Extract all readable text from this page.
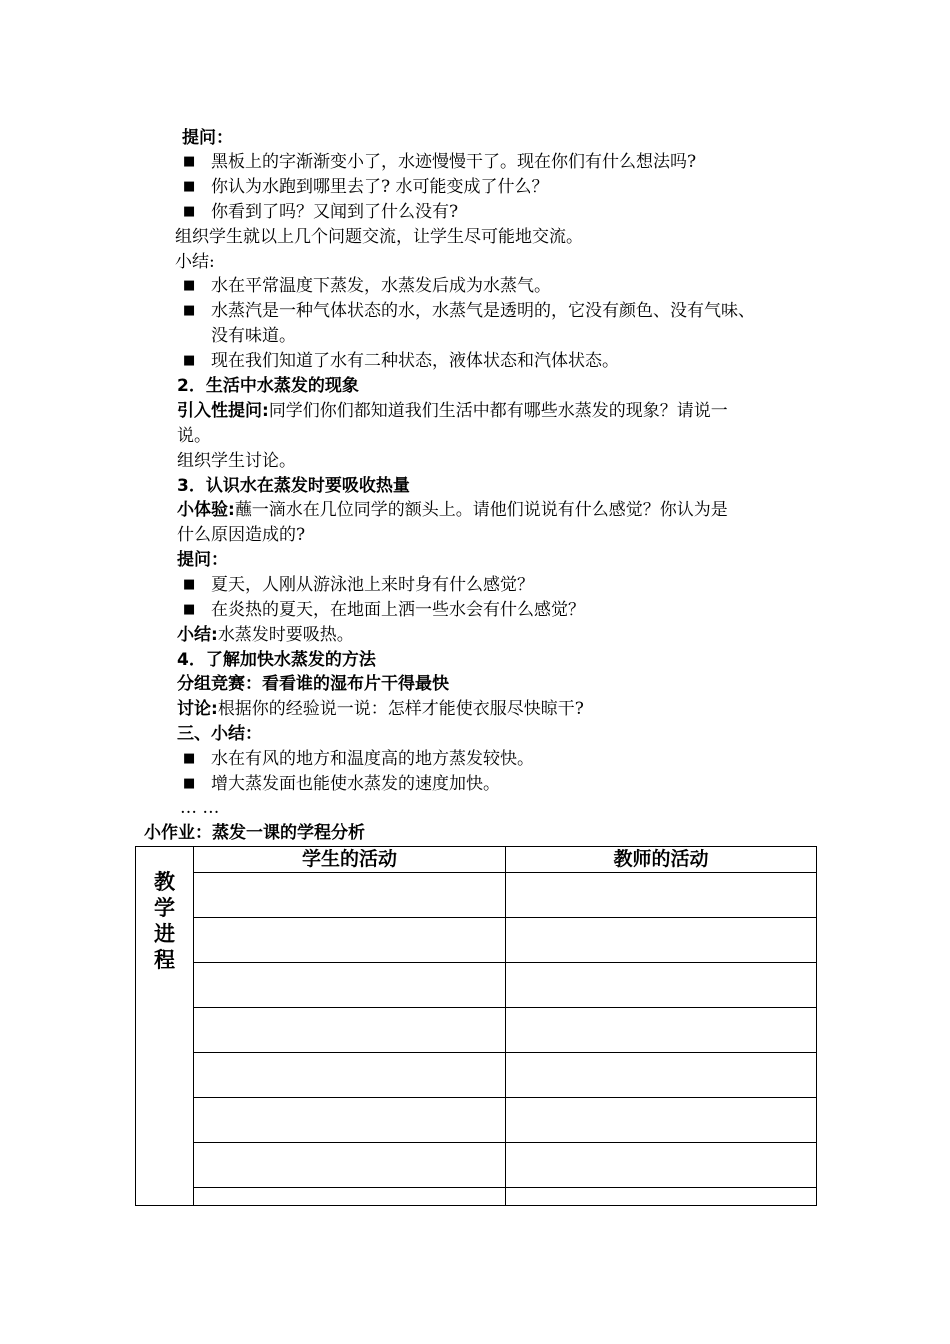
提问：
■ 黑板上的字渐渐变小了，水迹慢慢干了。现在你们有什么想法吗?
■ 你认为水跑到哪里去了? 水可能变成了什么？
■ 你看到了吗？又闻到了什么没有?
组织学生就以上几个问题交流，让学生尽可能地交流。
小结:
■ 水在平常温度下蒸发，水蒸发后成为水蒸气。
■ 水蒸汽是一种气体状态的水，水蒸气是透明的，它没有颜色、没有气味、
没有味道。
■ 现在我们知道了水有二种状态，液体状态和汽体状态。
2．生活中水蒸发的现象
引入性提问:同学们你们都知道我们生活中都有哪些水蒸发的现象？请说一
说。
组织学生讨论。
3．认识水在蒸发时要吸收热量
小体验:蘸一滴水在几位同学的额头上。请他们说说有什么感觉？你认为是
什么原因造成的?
提问：
■ 夏天，人刚从游泳池上来时身有什么感觉？
■ 在炎热的夏天，在地面上洒一些水会有什么感觉？
小结:水蒸发时要吸热。
4．了解加快水蒸发的方法
分组竞赛：看看谁的湿布片干得最快
讨论:根据你的经验说一说：怎样才能使衣服尽快晾干?
三、小结：
■ 水在有风的地方和温度高的地方蒸发较快。
■ 增大蒸发面也能使水蒸发的速度加快。
… …
小作业：蒸发一课的学程分析
教
学
进
程	学生的活动	教师的活动
